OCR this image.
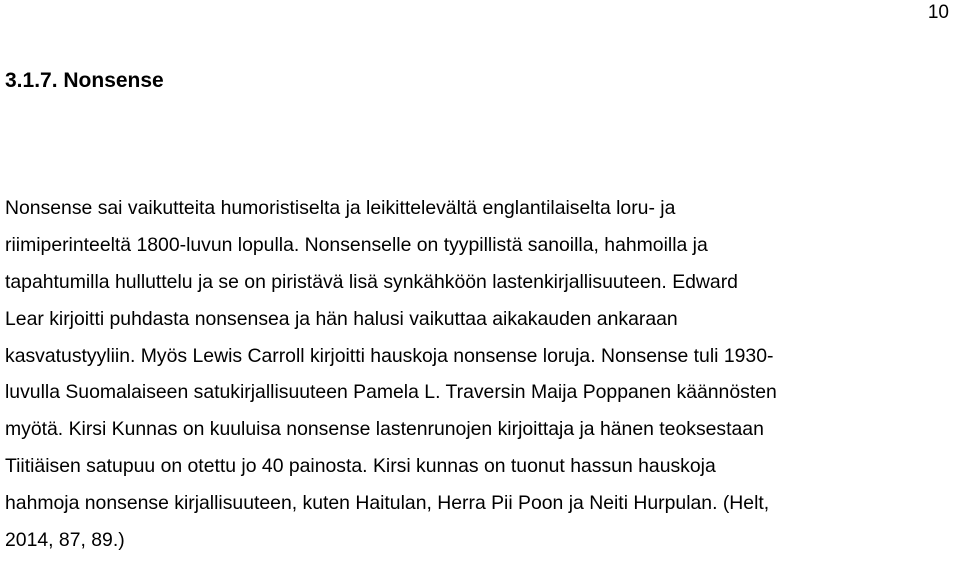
10
3.1.7. Nonsense

Nonsense sai vaikutteita humoristiselta ja leikittelevältä englantilaiselta loru- ja
riimiperinteeltä 1800-luvun lopulla. Nonsenselle on tyypillistä sanoilla, hahmoilla ja
tapahtumilla hulluttelu ja se on piristävä lisä synkähköön lastenkirjallisuuteen. Edward
Lear kirjoitti puhdasta nonsensea ja hän halusi vaikuttaa aikakauden ankaraan
kasvatustyyliin. Myös Lewis Carroll kirjoitti hauskoja nonsense loruja. Nonsense tuli 1930-
luvulla Suomalaiseen satukirjallisuuteen Pamela L. Traversin Maija Poppanen käännösten
myötä. Kirsi Kunnas on kuuluisa nonsense lastenrunojen kirjoittaja ja hänen teoksestaan
Tiitiäisen satupuu on otettu jo 40 painosta. Kirsi kunnas on tuonut hassun hauskoja
hahmoja nonsense kirjallisuuteen, kuten Haitulan, Herra Pii Poon ja Neiti Hurpulan. (Helt,
2014, 87, 89.)
